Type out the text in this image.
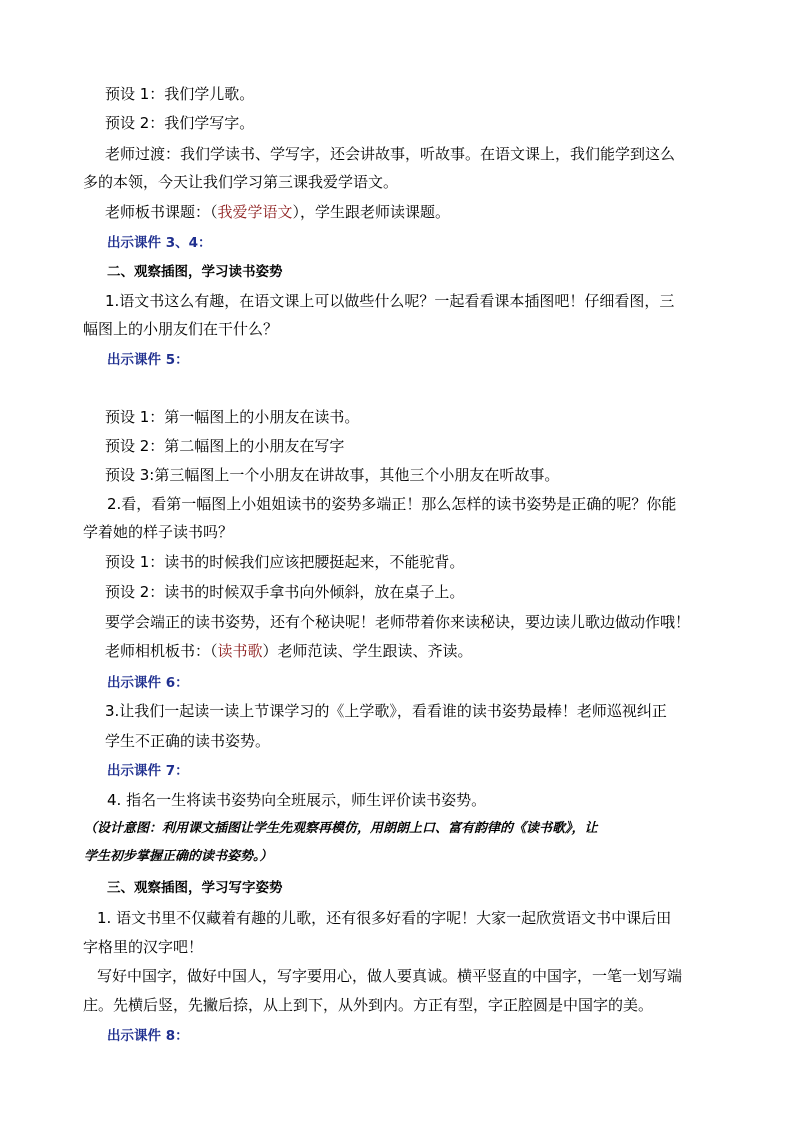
预设 1：我们学儿歌。
预设 2：我们学写字。
老师过渡：我们学读书、学写字，还会讲故事，听故事。在语文课上，我们能学到这么
多的本领，今天让我们学习第三课我爱学语文。
老师板书课题：（我爱学语文），学生跟老师读课题。
出示课件 3、4：
二、观察插图，学习读书姿势
1.语文书这么有趣，在语文课上可以做些什么呢？一起看看课本插图吧！仔细看图，三
幅图上的小朋友们在干什么？
出示课件 5：
预设 1：第一幅图上的小朋友在读书。
预设 2：第二幅图上的小朋友在写字
预设 3:第三幅图上一个小朋友在讲故事，其他三个小朋友在听故事。
2.看，看第一幅图上小姐姐读书的姿势多端正！那么怎样的读书姿势是正确的呢？你能
学着她的样子读书吗？
预设 1：读书的时候我们应该把腰挺起来，不能驼背。
预设 2：读书的时候双手拿书向外倾斜，放在桌子上。
要学会端正的读书姿势，还有个秘诀呢！老师带着你来读秘诀，要边读儿歌边做动作哦！
老师相机板书：（读书歌）老师范读、学生跟读、齐读。
出示课件 6：
3.让我们一起读一读上节课学习的《上学歌》，看看谁的读书姿势最棒！老师巡视纠正
学生不正确的读书姿势。
出示课件 7：
4. 指名一生将读书姿势向全班展示，师生评价读书姿势。
（设计意图：利用课文插图让学生先观察再模仿，用朗朗上口、富有韵律的《读书歌》，让
学生初步掌握正确的读书姿势。）
三、观察插图，学习写字姿势
1. 语文书里不仅藏着有趣的儿歌，还有很多好看的字呢！大家一起欣赏语文书中课后田
字格里的汉字吧！
写好中国字，做好中国人，写字要用心，做人要真诚。横平竖直的中国字，一笔一划写端
庄。先横后竖，先撇后捺，从上到下，从外到内。方正有型，字正腔圆是中国字的美。
出示课件 8：
